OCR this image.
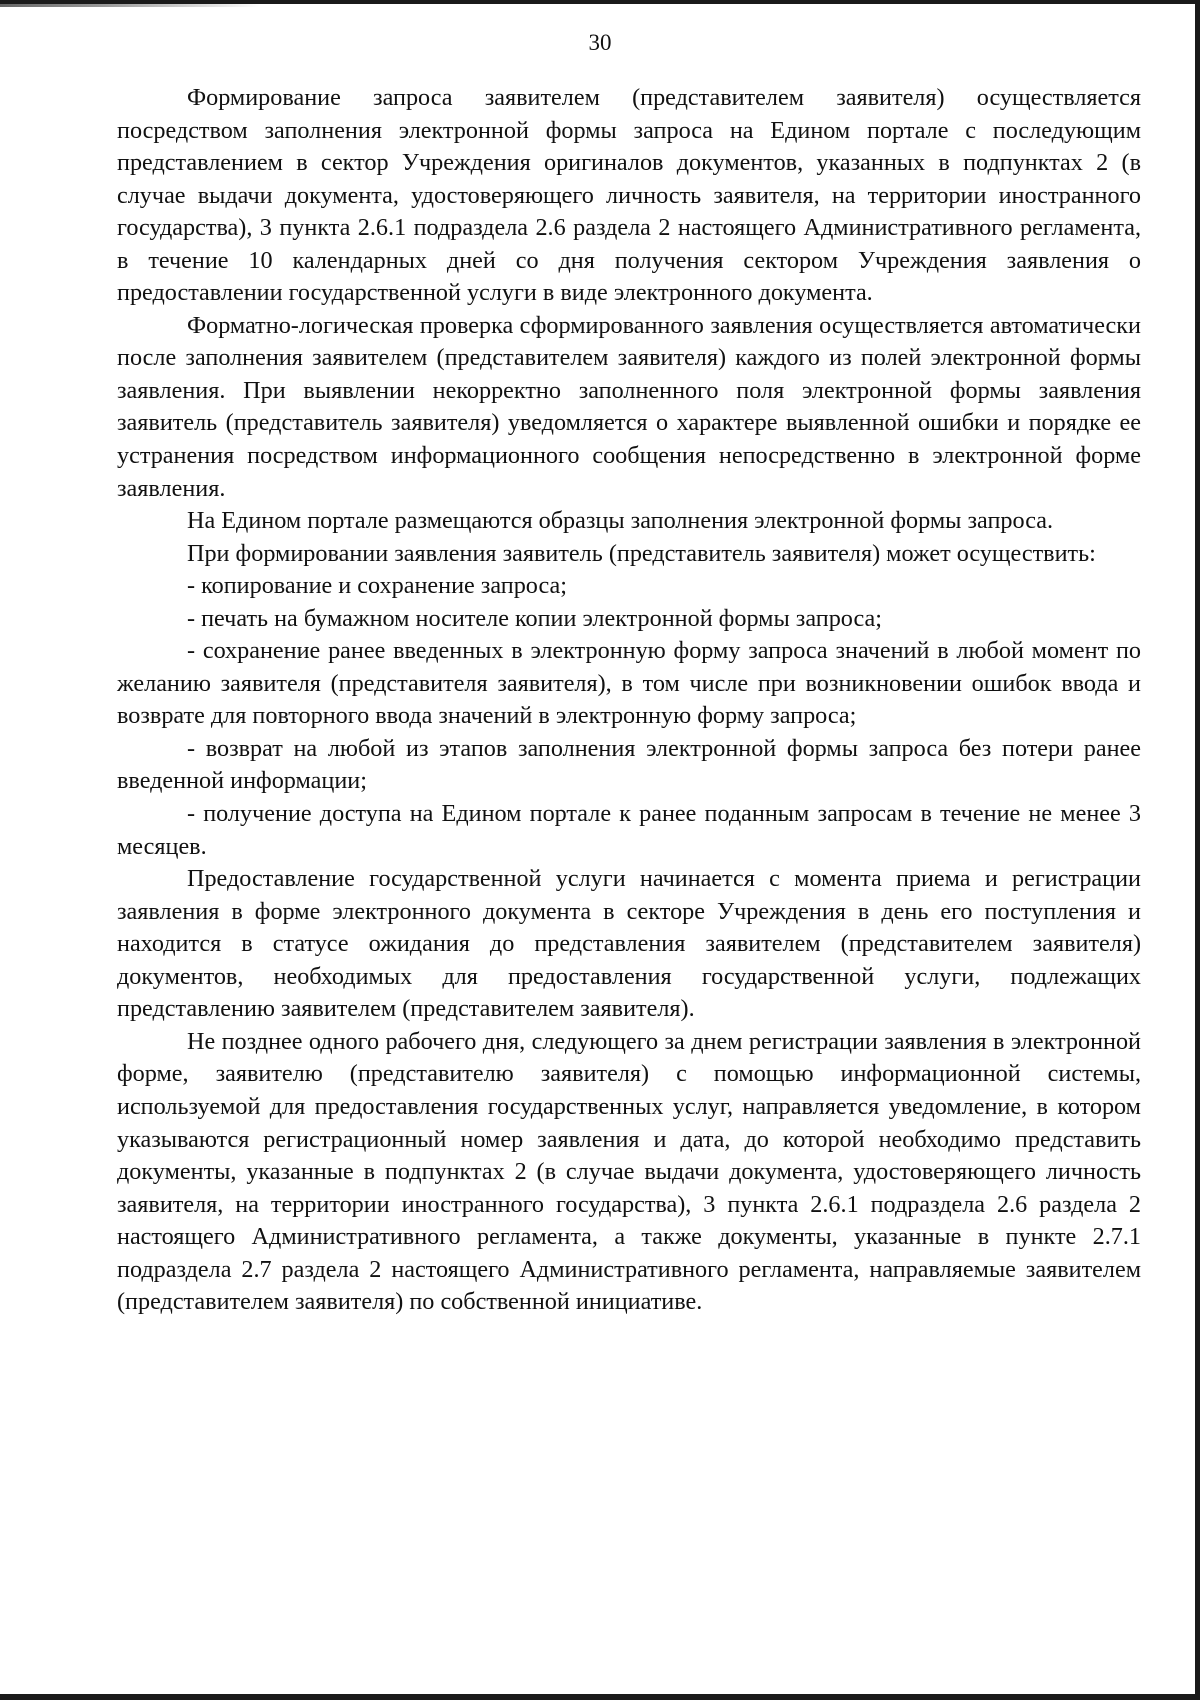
30

Формирование запроса заявителем (представителем заявителя) осуществляется посредством заполнения электронной формы запроса на Едином портале с последующим представлением в сектор Учреждения оригиналов документов, указанных в подпунктах 2 (в случае выдачи документа, удостоверяющего личность заявителя, на территории иностранного государства), 3 пункта 2.6.1 подраздела 2.6 раздела 2 настоящего Административного регламента, в течение 10 календарных дней со дня получения сектором Учреждения заявления о предоставлении государственной услуги в виде электронного документа.

Форматно-логическая проверка сформированного заявления осуществляется автоматически после заполнения заявителем (представителем заявителя) каждого из полей электронной формы заявления. При выявлении некорректно заполненного поля электронной формы заявления заявитель (представитель заявителя) уведомляется о характере выявленной ошибки и порядке ее устранения посредством информационного сообщения непосредственно в электронной форме заявления.

На Едином портале размещаются образцы заполнения электронной формы запроса.

При формировании заявления заявитель (представитель заявителя) может осуществить:

- копирование и сохранение запроса;

- печать на бумажном носителе копии электронной формы запроса;

- сохранение ранее введенных в электронную форму запроса значений в любой момент по желанию заявителя (представителя заявителя), в том числе при возникновении ошибок ввода и возврате для повторного ввода значений в электронную форму запроса;

- возврат на любой из этапов заполнения электронной формы запроса без потери ранее введенной информации;

- получение доступа на Едином портале к ранее поданным запросам в течение не менее 3 месяцев.

Предоставление государственной услуги начинается с момента приема и регистрации заявления в форме электронного документа в секторе Учреждения в день его поступления и находится в статусе ожидания до представления заявителем (представителем заявителя) документов, необходимых для предоставления государственной услуги, подлежащих представлению заявителем (представителем заявителя).

Не позднее одного рабочего дня, следующего за днем регистрации заявления в электронной форме, заявителю (представителю заявителя) с помощью информационной системы, используемой для предоставления государственных услуг, направляется уведомление, в котором указываются регистрационный номер заявления и дата, до которой необходимо представить документы, указанные в подпунктах 2 (в случае выдачи документа, удостоверяющего личность заявителя, на территории иностранного государства), 3 пункта 2.6.1 подраздела 2.6 раздела 2 настоящего Административного регламента, а также документы, указанные в пункте 2.7.1 подраздела 2.7 раздела 2 настоящего Административного регламента, направляемые заявителем (представителем заявителя) по собственной инициативе.
